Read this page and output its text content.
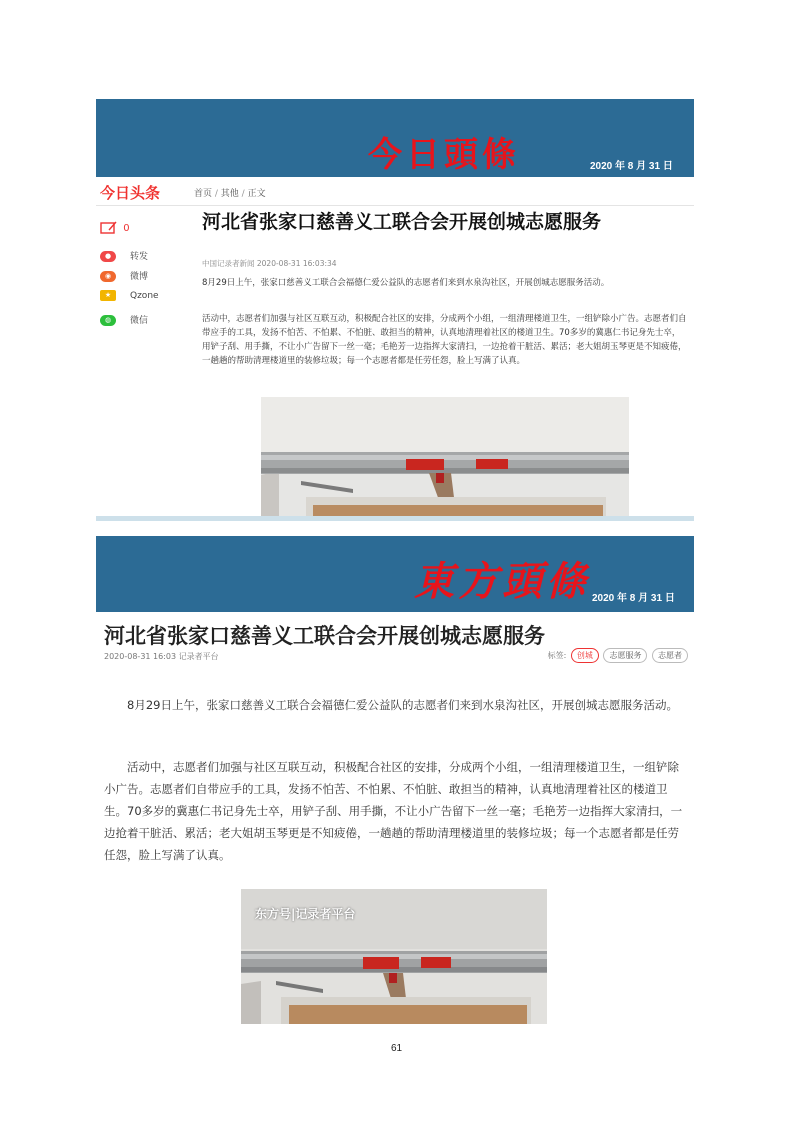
今日頭條	2020 年 8 月 31 日
今日头条	首页 / 其他 / 正文
0
● 转发
◉ 微博
★ Qzone
◍ 微信
河北省张家口慈善义工联合会开展创城志愿服务
中国记录者新闻 2020-08-31 16:03:34
8月29日上午，张家口慈善义工联合会福德仁爱公益队的志愿者们来到水泉沟社区，开展创城志愿服务活动。
活动中，志愿者们加强与社区互联互动，积极配合社区的安排，分成两个小组，一组清理楼道卫生，一组铲除小广告。志愿者们自带应手的工具，发扬不怕苦、不怕累、不怕脏、敢担当的精神，认真地清理着社区的楼道卫生。70多岁的冀惠仁书记身先士卒，用铲子刮、用手撕，不让小广告留下一丝一毫；毛艳芳一边指挥大家清扫，一边抢着干脏活、累活；老大姐胡玉琴更是不知疲倦，一趟趟的帮助清理楼道里的装修垃圾；每一个志愿者都是任劳任怨，脸上写满了认真。
東方頭條 2020 年 8 月 31 日
河北省张家口慈善义工联合会开展创城志愿服务
2020-08-31 16:03 记录者平台	标签: 创城 志愿服务 志愿者
8月29日上午，张家口慈善义工联合会福德仁爱公益队的志愿者们来到水泉沟社区，开展创城志愿服务活动。
活动中，志愿者们加强与社区互联互动，积极配合社区的安排，分成两个小组，一组清理楼道卫生，一组铲除小广告。志愿者们自带应手的工具，发扬不怕苦、不怕累、不怕脏、敢担当的精神，认真地清理着社区的楼道卫生。70多岁的冀惠仁书记身先士卒，用铲子刮、用手撕，不让小广告留下一丝一毫；毛艳芳一边指挥大家清扫，一边抢着干脏活、累活；老大姐胡玉琴更是不知疲倦，一趟趟的帮助清理楼道里的装修垃圾；每一个志愿者都是任劳任怨，脸上写满了认真。
东方号|记录者平台
61
